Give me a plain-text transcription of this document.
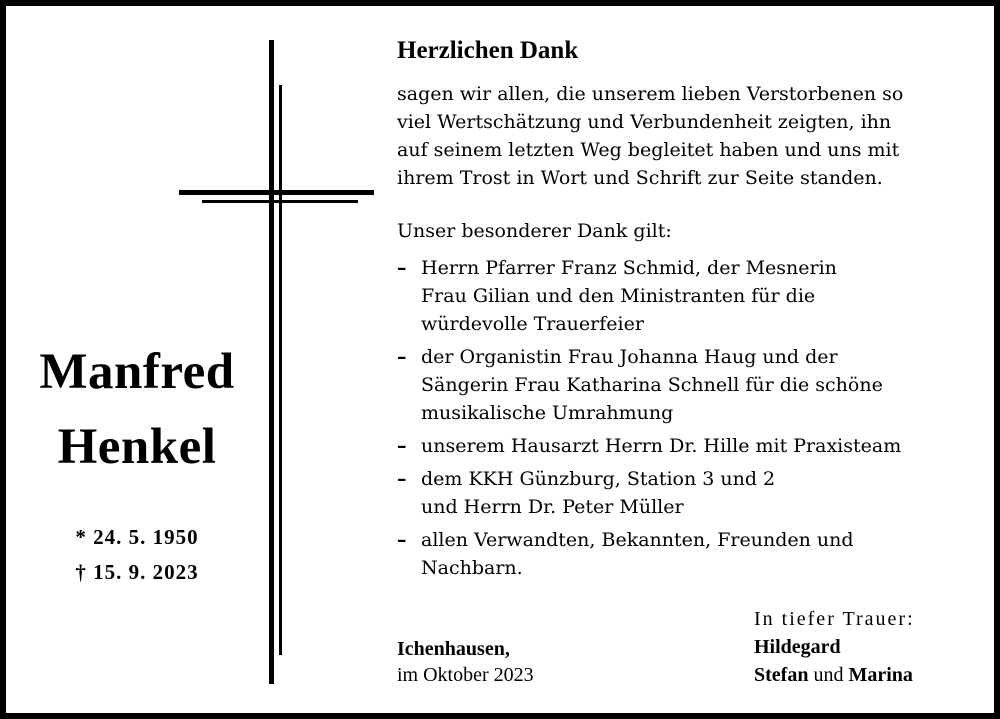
Manfred
Henkel
* 24. 5. 1950
† 15. 9. 2023
Herzlichen Dank
sagen wir allen, die unserem lieben Verstorbenen so
viel Wertschätzung und Verbundenheit zeigten, ihn
auf seinem letzten Weg begleitet haben und uns mit
ihrem Trost in Wort und Schrift zur Seite standen.
Unser besonderer Dank gilt:
– Herrn Pfarrer Franz Schmid, der Mesnerin
Frau Gilian und den Ministranten für die
würdevolle Trauerfeier
– der Organistin Frau Johanna Haug und der
Sängerin Frau Katharina Schnell für die schöne
musikalische Umrahmung
– unserem Hausarzt Herrn Dr. Hille mit Praxisteam
– dem KKH Günzburg, Station 3 und 2
und Herrn Dr. Peter Müller
– allen Verwandten, Bekannten, Freunden und
Nachbarn.
Ichenhausen,
im Oktober 2023
In tiefer Trauer:
Hildegard
Stefan und Marina
